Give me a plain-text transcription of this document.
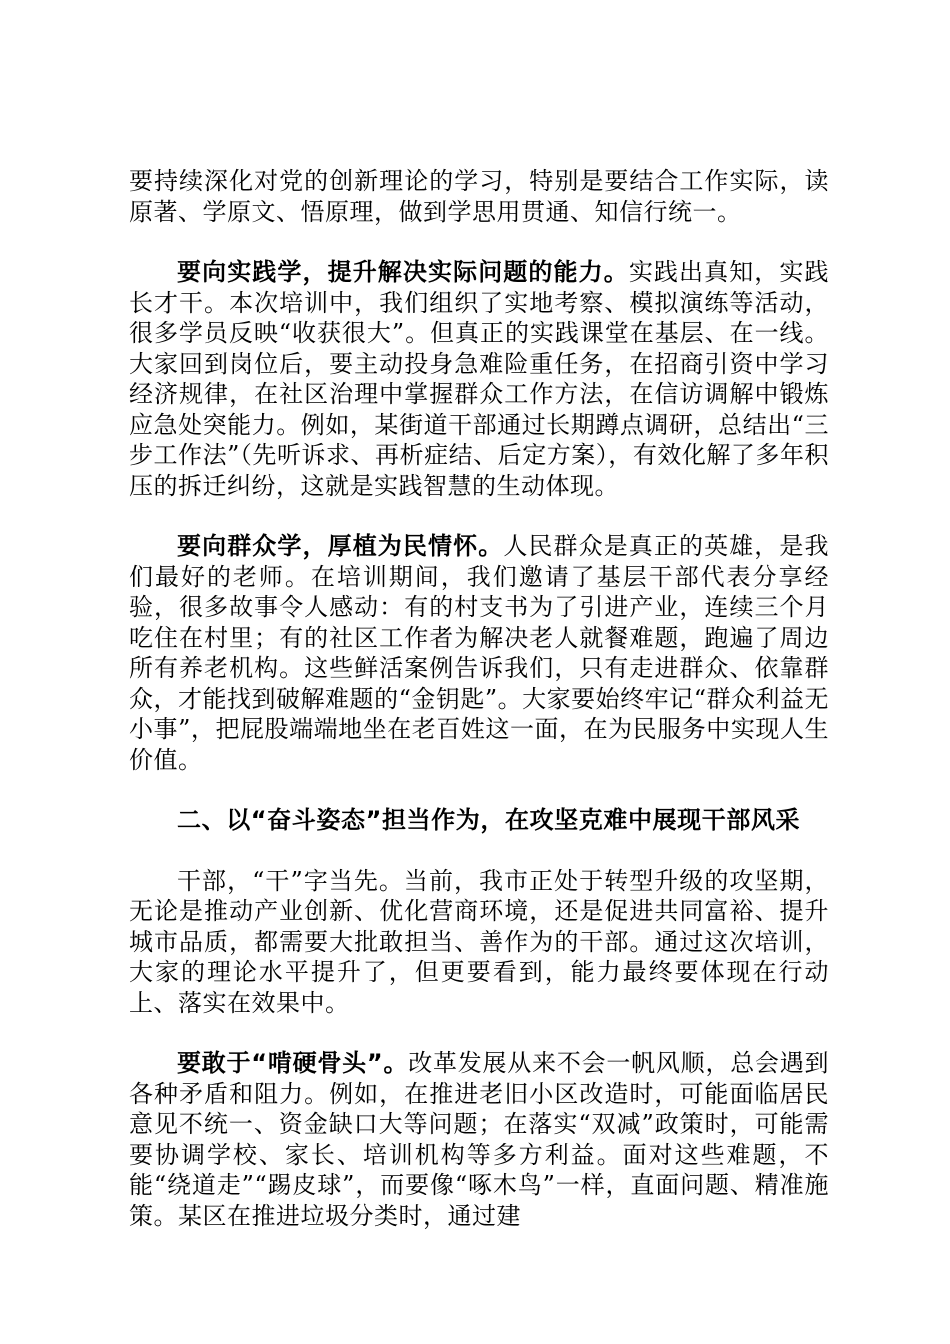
要持续深化对党的创新理论的学习，特别是要结合工作实际，读原著、学原文、悟原理，做到学思用贯通、知信行统一。

要向实践学，提升解决实际问题的能力。实践出真知，实践长才干。本次培训中，我们组织了实地考察、模拟演练等活动，很多学员反映“收获很大”。但真正的实践课堂在基层、在一线。大家回到岗位后，要主动投身急难险重任务，在招商引资中学习经济规律，在社区治理中掌握群众工作方法，在信访调解中锻炼应急处突能力。例如，某街道干部通过长期蹲点调研，总结出“三步工作法”（先听诉求、再析症结、后定方案），有效化解了多年积压的拆迁纠纷，这就是实践智慧的生动体现。

要向群众学，厚植为民情怀。人民群众是真正的英雄，是我们最好的老师。在培训期间，我们邀请了基层干部代表分享经验，很多故事令人感动：有的村支书为了引进产业，连续三个月吃住在村里；有的社区工作者为解决老人就餐难题，跑遍了周边所有养老机构。这些鲜活案例告诉我们，只有走进群众、依靠群众，才能找到破解难题的“金钥匙”。大家要始终牢记“群众利益无小事”，把屁股端端地坐在老百姓这一面，在为民服务中实现人生价值。

二、以“奋斗姿态”担当作为，在攻坚克难中展现干部风采

干部，“干”字当先。当前，我市正处于转型升级的攻坚期，无论是推动产业创新、优化营商环境，还是促进共同富裕、提升城市品质，都需要大批敢担当、善作为的干部。通过这次培训，大家的理论水平提升了，但更要看到，能力最终要体现在行动上、落实在效果中。

要敢于“啃硬骨头”。改革发展从来不会一帆风顺，总会遇到各种矛盾和阻力。例如，在推进老旧小区改造时，可能面临居民意见不统一、资金缺口大等问题；在落实“双减”政策时，可能需要协调学校、家长、培训机构等多方利益。面对这些难题，不能“绕道走”“踢皮球”，而要像“啄木鸟”一样，直面问题、精准施策。某区在推进垃圾分类时，通过建
